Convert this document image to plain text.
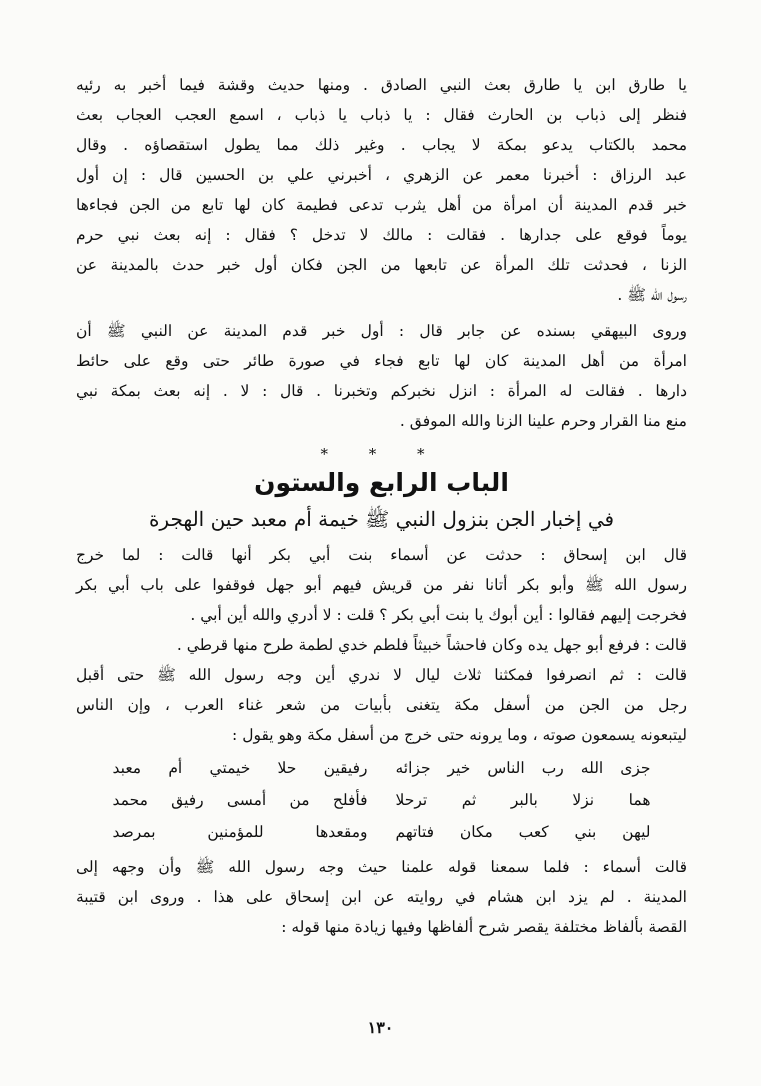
يا طارق ابن يا طارق بعث النبي الصادق . ومنها حديث وقشة فيما أخبر به رئيه

فنظر إلى ذباب بن الحارث فقال : يا ذباب يا ذباب ، اسمع العجب العجاب بعث

محمد بالكتاب يدعو بمكة لا يجاب . وغير ذلك مما يطول استقصاؤه . وقال

عبد الرزاق : أخبرنا معمر عن الزهري ، أخبرني علي بن الحسين قال : إن أول

خبر قدم المدينة أن امرأة من أهل يثرب تدعى فطيمة كان لها تابع من الجن فجاءها

يوماً فوقع على جدارها . فقالت : مالك لا تدخل ؟ فقال : إنه بعث نبي حرم

الزنا ، فحدثت تلك المرأة عن تابعها من الجن فكان أول خبر حدث بالمدينة عن

رسول الله ﷺ .

وروى البيهقي بسنده عن جابر قال : أول خبر قدم المدينة عن النبي ﷺ أن

امرأة من أهل المدينة كان لها تابع فجاء في صورة طائر حتى وقع على حائط

دارها . فقالت له المرأة : انزل نخبركم وتخبرنا . قال : لا . إنه بعث بمكة نبي

منع منا القرار وحرم علينا الزنا والله الموفق .

* * *
الباب الرابع والستون
في إخبار الجن بنزول النبي ﷺ خيمة أم معبد حين الهجرة

قال ابن إسحاق : حدثت عن أسماء بنت أبي بكر أنها قالت : لما خرج

رسول الله ﷺ وأبو بكر أتانا نفر من قريش فيهم أبو جهل فوقفوا على باب أبي بكر

فخرجت إليهم فقالوا : أين أبوك يا بنت أبي بكر ؟ قلت : لا أدري والله أين أبي .

قالت : فرفع أبو جهل يده وكان فاحشاً خبيثاً فلطم خدي لطمة طرح منها قرطي .

قالت : ثم انصرفوا فمكثنا ثلاث ليال لا ندري أين وجه رسول الله ﷺ حتى أقبل

رجل من الجن من أسفل مكة يتغنى بأبيات من شعر غناء العرب ، وإن الناس

ليتبعونه يسمعون صوته ، وما يرونه حتى خرج من أسفل مكة وهو يقول :

جزى الله رب الناس خير جزائه
رفيقين حلا خيمتي أم معبد
هما نزلا بالبر ثم ترحلا
فأفلح من أمسى رفيق محمد
ليهن بني كعب مكان فتاتهم
ومقعدها للمؤمنين بمرصد

قالت أسماء : فلما سمعنا قوله علمنا حيث وجه رسول الله ﷺ وأن وجهه إلى

المدينة . لم يزد ابن هشام في روايته عن ابن إسحاق على هذا . وروى ابن قتيبة

القصة بألفاظ مختلفة يقصر شرح ألفاظها وفيها زيادة منها قوله :

١٣٠
